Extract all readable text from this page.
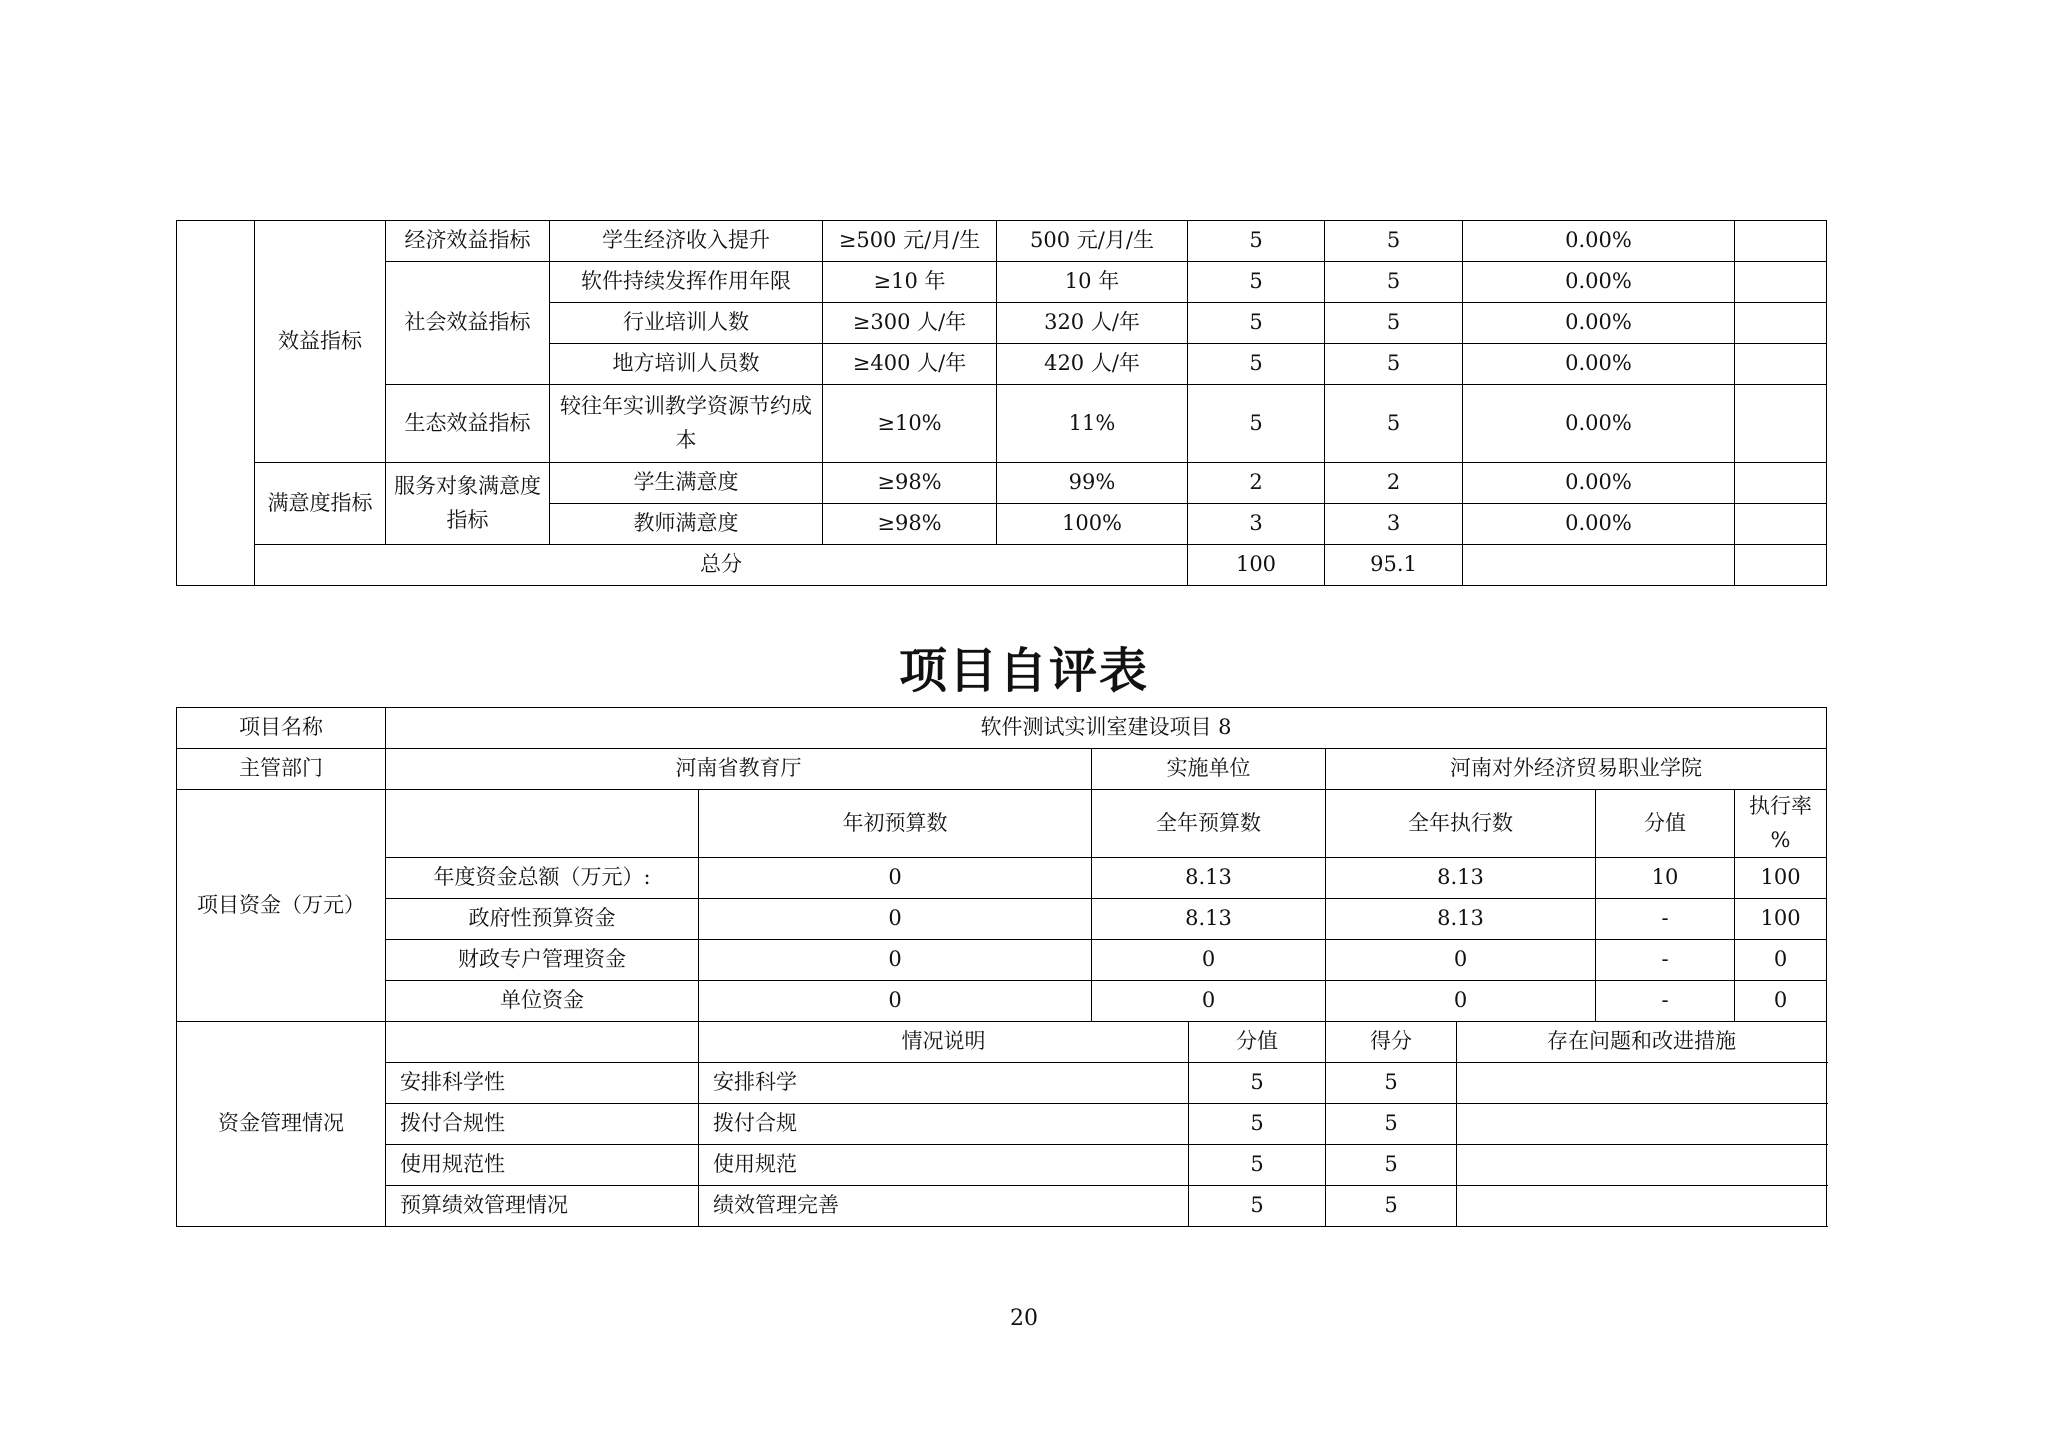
	效益指标	经济效益指标	学生经济收入提升	≥500 元/月/生	500 元/月/生	5	5	0.00%	
		社会效益指标	软件持续发挥作用年限	≥10 年	10 年	5	5	0.00%	
			行业培训人数	≥300 人/年	320 人/年	5	5	0.00%	
			地方培训人员数	≥400 人/年	420 人/年	5	5	0.00%	
		生态效益指标	较往年实训教学资源节约成本	≥10%	11%	5	5	0.00%	
	满意度指标	服务对象满意度指标	学生满意度	≥98%	99%	2	2	0.00%	
			教师满意度	≥98%	100%	3	3	0.00%	
	总分					100	95.1		
项目自评表
项目名称	软件测试实训室建设项目 8								
主管部门	河南省教育厅		实施单位		河南对外经济贸易职业学院				
项目资金（万元）		年初预算数	全年预算数		全年执行数		分值	执行率 %	
	年度资金总额（万元）:	0	8.13		8.13		10	100	
	政府性预算资金	0	8.13		8.13		-	100	
	财政专户管理资金	0	0		0		-	0	
	单位资金	0	0		0		-	0	
资金管理情况		情况说明		分值	得分	存在问题和改进措施			
	安排科学性	安排科学		5	5				
	拨付合规性	拨付合规		5	5				
	使用规范性	使用规范		5	5				
	预算绩效管理情况	绩效管理完善		5	5				
20
